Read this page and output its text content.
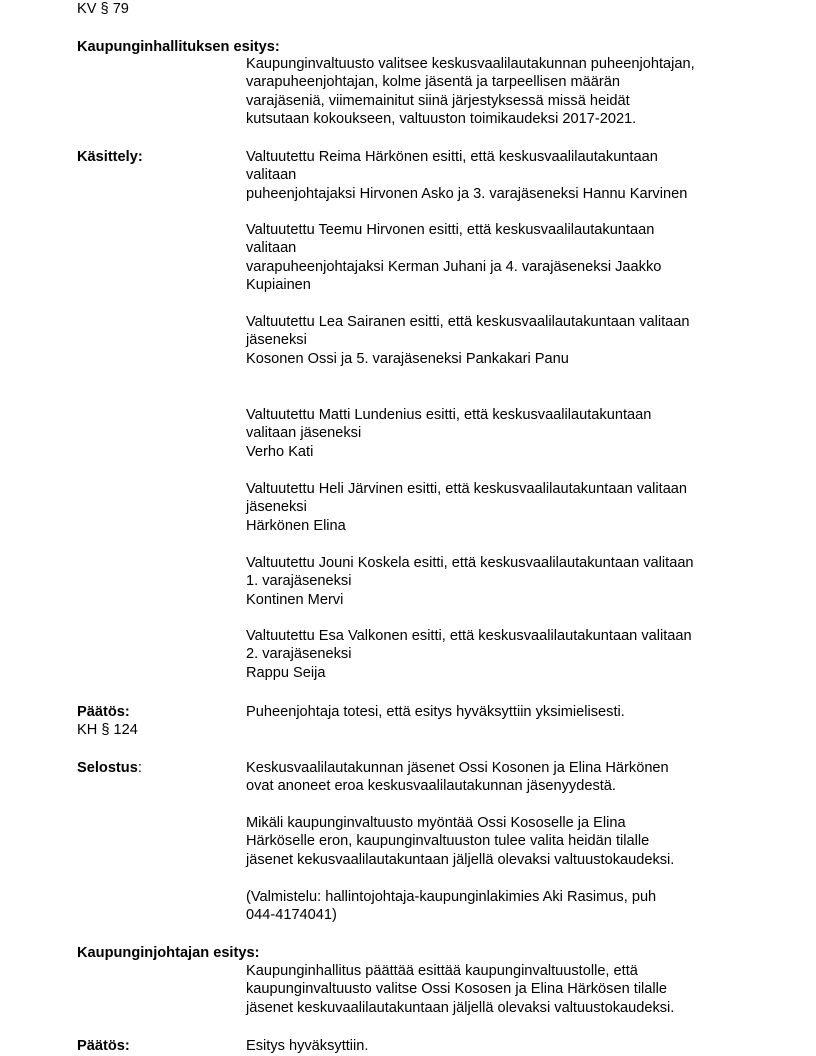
KV § 79
Kaupunginhallituksen esitys:
Kaupunginvaltuusto valitsee keskusvaalilautakunnan puheenjohtajan,
varapuheenjohtajan, kolme jäsentä ja tarpeellisen määrän
varajäseniä, viimemainitut siinä järjestyksessä missä heidät
kutsutaan kokoukseen, valtuuston toimikaudeksi 2017-2021.
Käsittely:	Valtuutettu Reima Härkönen esitti, että keskusvaalilautakuntaan
valitaan
puheenjohtajaksi Hirvonen Asko ja 3. varajäseneksi Hannu Karvinen
Valtuutettu Teemu Hirvonen esitti, että keskusvaalilautakuntaan
valitaan
varapuheenjohtajaksi Kerman Juhani ja 4. varajäseneksi Jaakko
Kupiainen
Valtuutettu Lea Sairanen esitti, että keskusvaalilautakuntaan valitaan
jäseneksi
Kosonen Ossi ja 5. varajäseneksi Pankakari Panu
Valtuutettu Matti Lundenius esitti, että keskusvaalilautakuntaan
valitaan jäseneksi
Verho Kati
Valtuutettu Heli Järvinen esitti, että keskusvaalilautakuntaan valitaan
jäseneksi
Härkönen Elina
Valtuutettu Jouni Koskela esitti, että keskusvaalilautakuntaan valitaan
1. varajäseneksi
Kontinen Mervi
Valtuutettu Esa Valkonen esitti, että keskusvaalilautakuntaan valitaan
2. varajäseneksi
Rappu Seija
Päätös:	Puheenjohtaja totesi, että esitys hyväksyttiin yksimielisesti.
KH § 124
Selostus:	Keskusvaalilautakunnan jäsenet Ossi Kosonen ja Elina Härkönen
ovat anoneet eroa keskusvaalilautakunnan jäsenyydestä.
Mikäli kaupunginvaltuusto myöntää Ossi Kososelle ja Elina
Härköselle eron, kaupunginvaltuuston tulee valita heidän tilalle
jäsenet kekusvaalilautakuntaan jäljellä olevaksi valtuustokaudeksi.
(Valmistelu: hallintojohtaja-kaupunginlakimies Aki Rasimus, puh
044-4174041)
Kaupunginjohtajan esitys:
Kaupunginhallitus päättää esittää kaupunginvaltuustolle, että
kaupunginvaltuusto valitse Ossi Kososen ja Elina Härkösen tilalle
jäsenet keskuvaalilautakuntaan jäljellä olevaksi valtuustokaudeksi.
Päätös:	Esitys hyväksyttiin.
